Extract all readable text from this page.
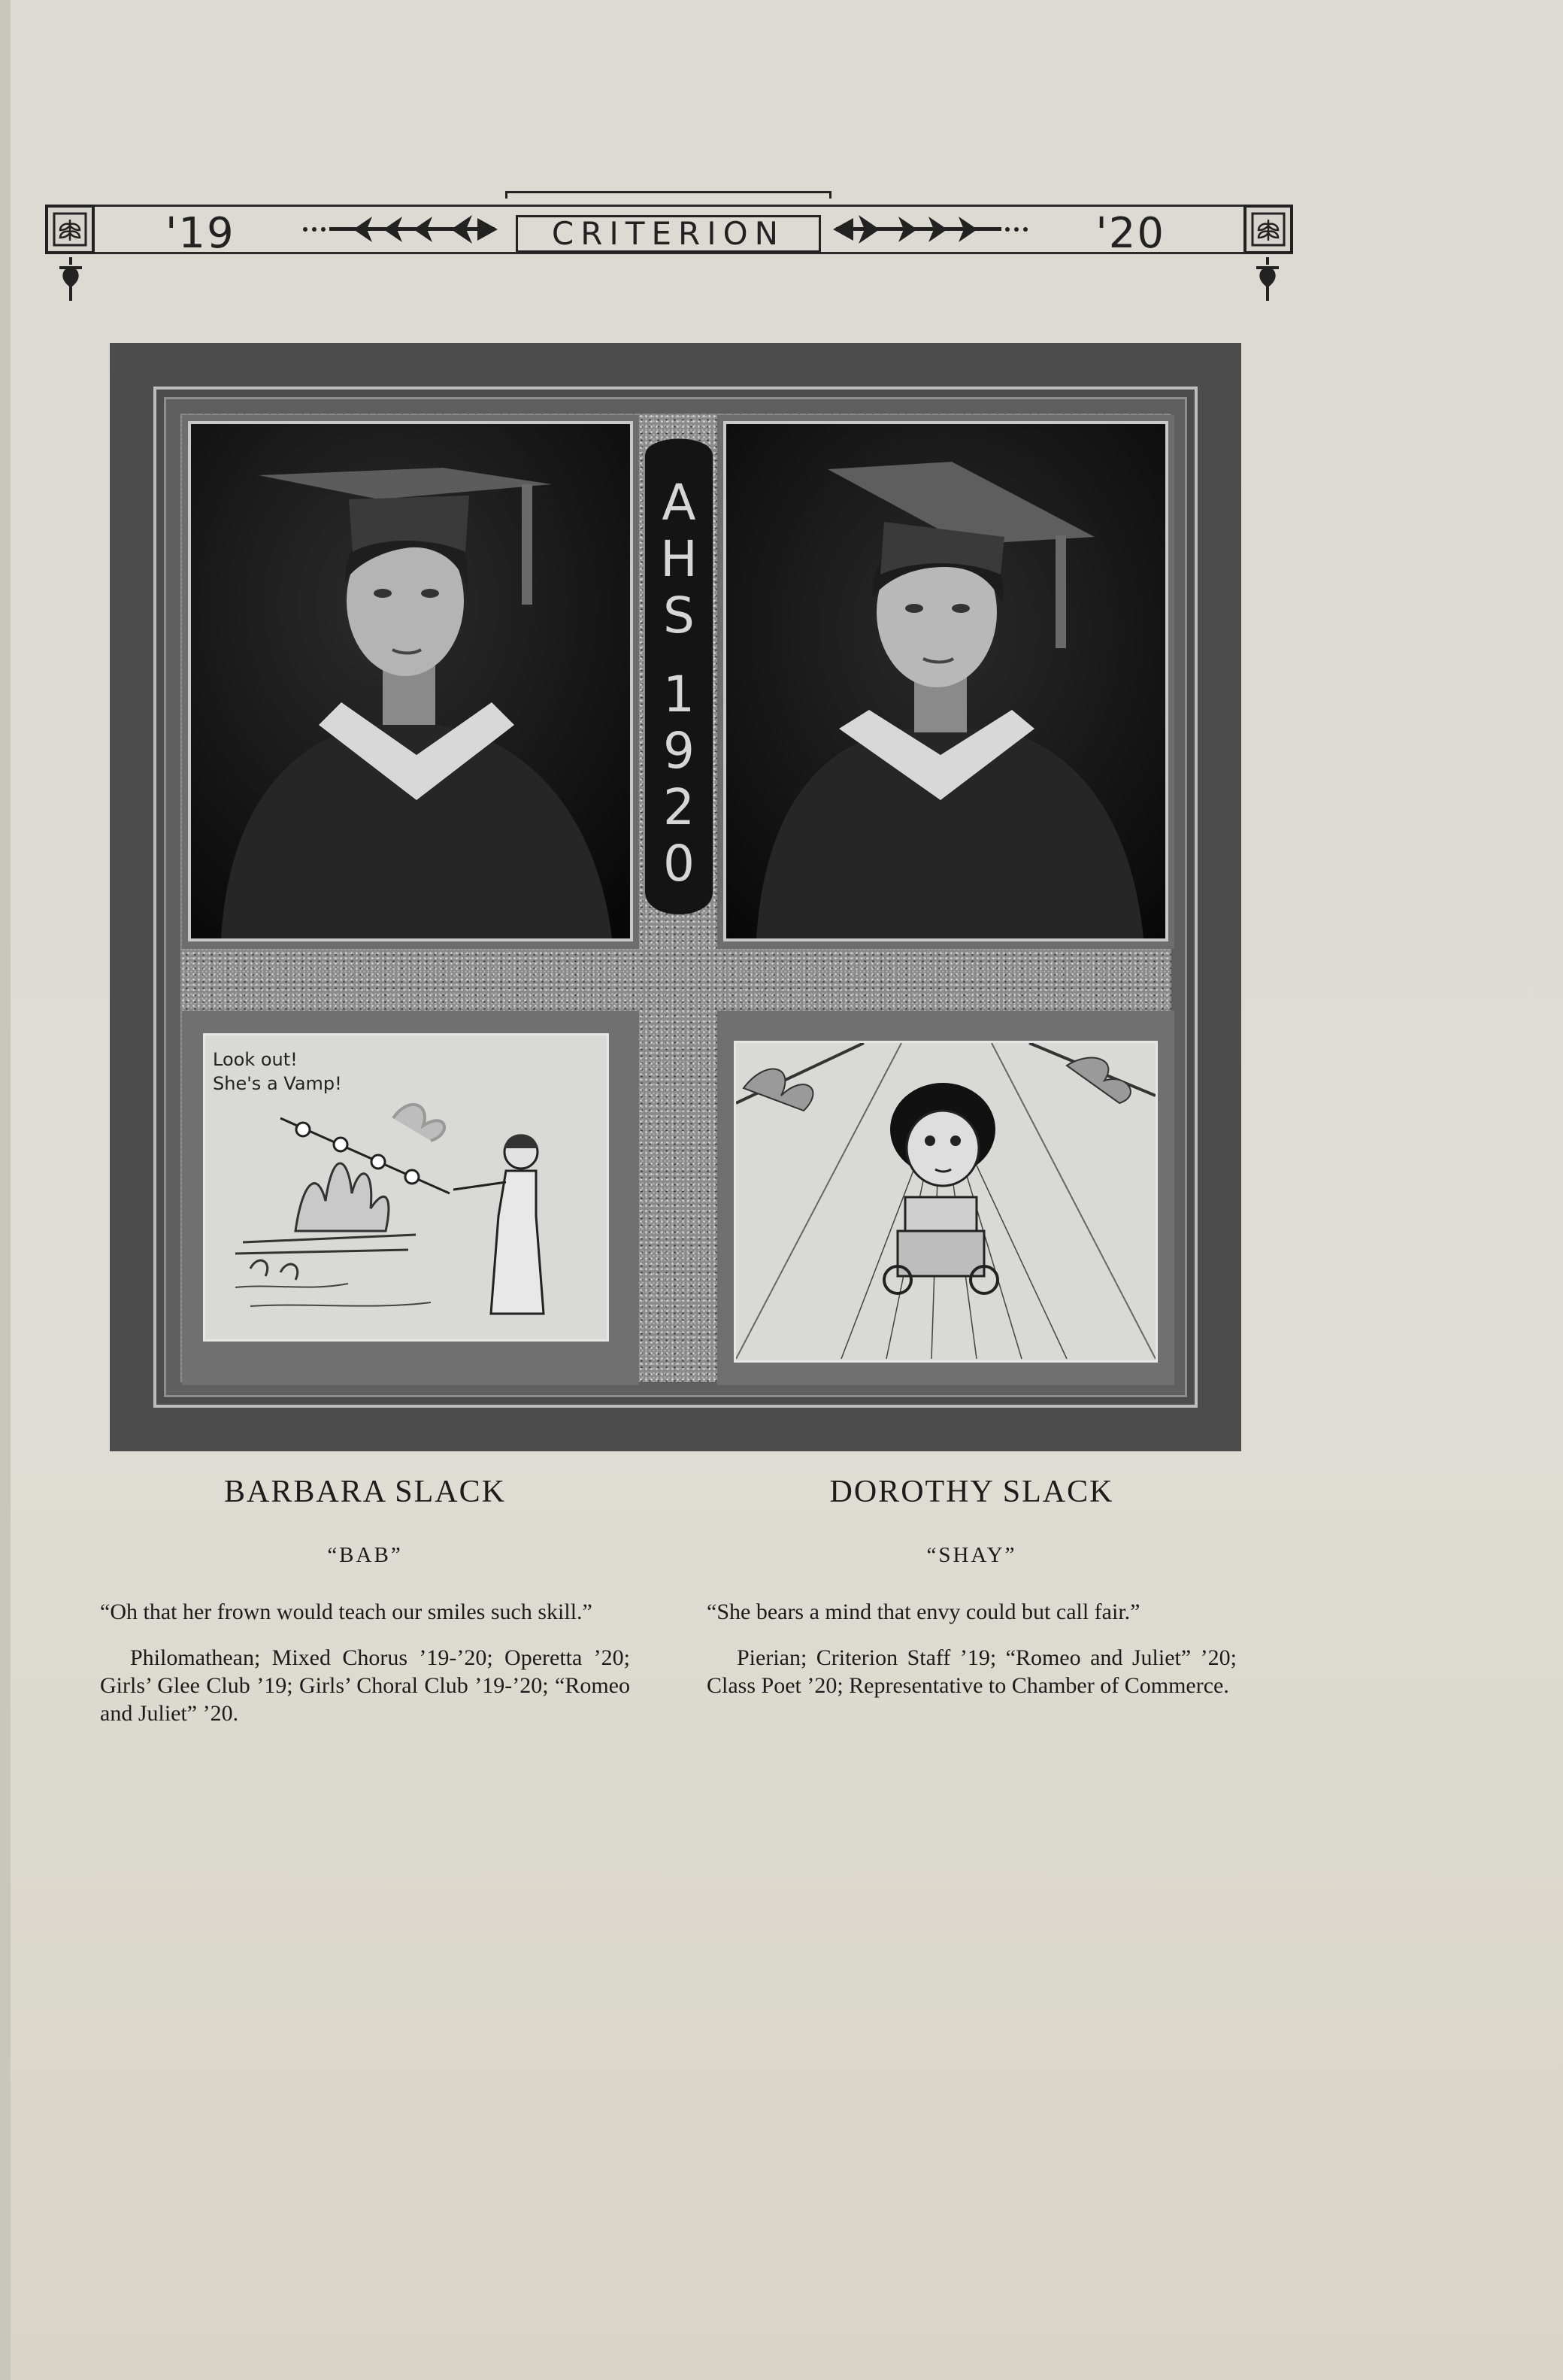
'19	'20
CRITERION
A
H
S
1
9
2
0
Look out!
She's a Vamp!
BARBARA SLACK
“BAB”
“Oh that her frown would teach our smiles such skill.”
Philomathean; Mixed Chorus ’19-’20; Operetta ’20; Girls’ Glee Club ’19; Girls’ Choral Club ’19-’20; “Romeo and Juliet” ’20.
DOROTHY SLACK
“SHAY”
“She bears a mind that envy could but call fair.”
Pierian; Criterion Staff ’19; “Romeo and Juliet” ’20; Class Poet ’20; Representative to Chamber of Commerce.
